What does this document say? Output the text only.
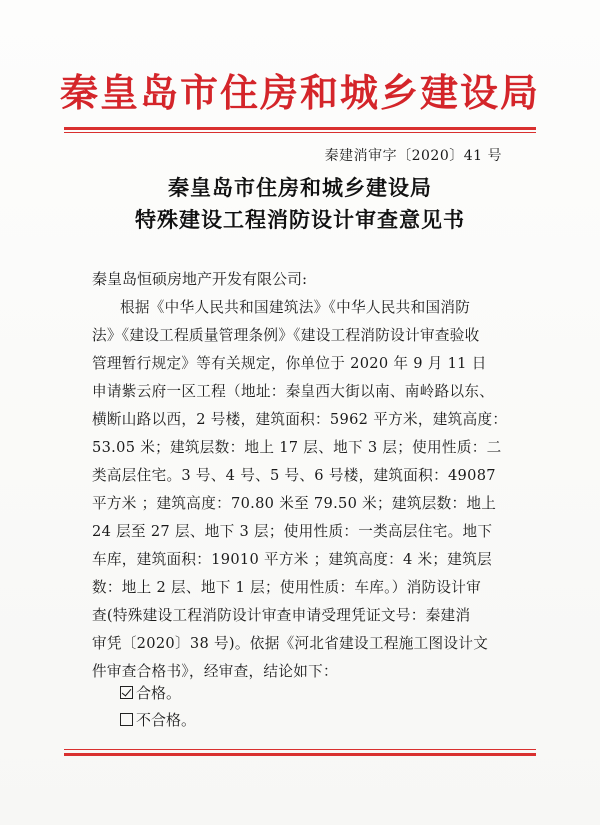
秦皇岛市住房和城乡建设局
秦建消审字〔2020〕41 号
秦皇岛市住房和城乡建设局
特殊建设工程消防设计审查意见书
秦皇岛恒硕房地产开发有限公司:
根据《中华人民共和国建筑法》《中华人民共和国消防
法》《建设工程质量管理条例》《建设工程消防设计审查验收
管理暂行规定》等有关规定，你单位于 2020 年 9 月 11 日
申请紫云府一区工程（地址：秦皇西大街以南、南岭路以东、
横断山路以西，2 号楼，建筑面积：5962 平方米，建筑高度：
53.05 米；建筑层数：地上 17 层、地下 3 层；使用性质：二
类高层住宅。3 号、4 号、5 号、6 号楼，建筑面积：49087
平方米 ；建筑高度：70.80 米至 79.50 米；建筑层数：地上
24 层至 27 层、地下 3 层；使用性质：一类高层住宅。地下
车库，建筑面积：19010 平方米 ；建筑高度：4 米；建筑层
数：地上 2 层、地下 1 层；使用性质：车库。）消防设计审
查(特殊建设工程消防设计审查申请受理凭证文号：秦建消
审凭〔2020〕38 号)。依据《河北省建设工程施工图设计文
件审查合格书》，经审查，结论如下：
合格。
不合格。
